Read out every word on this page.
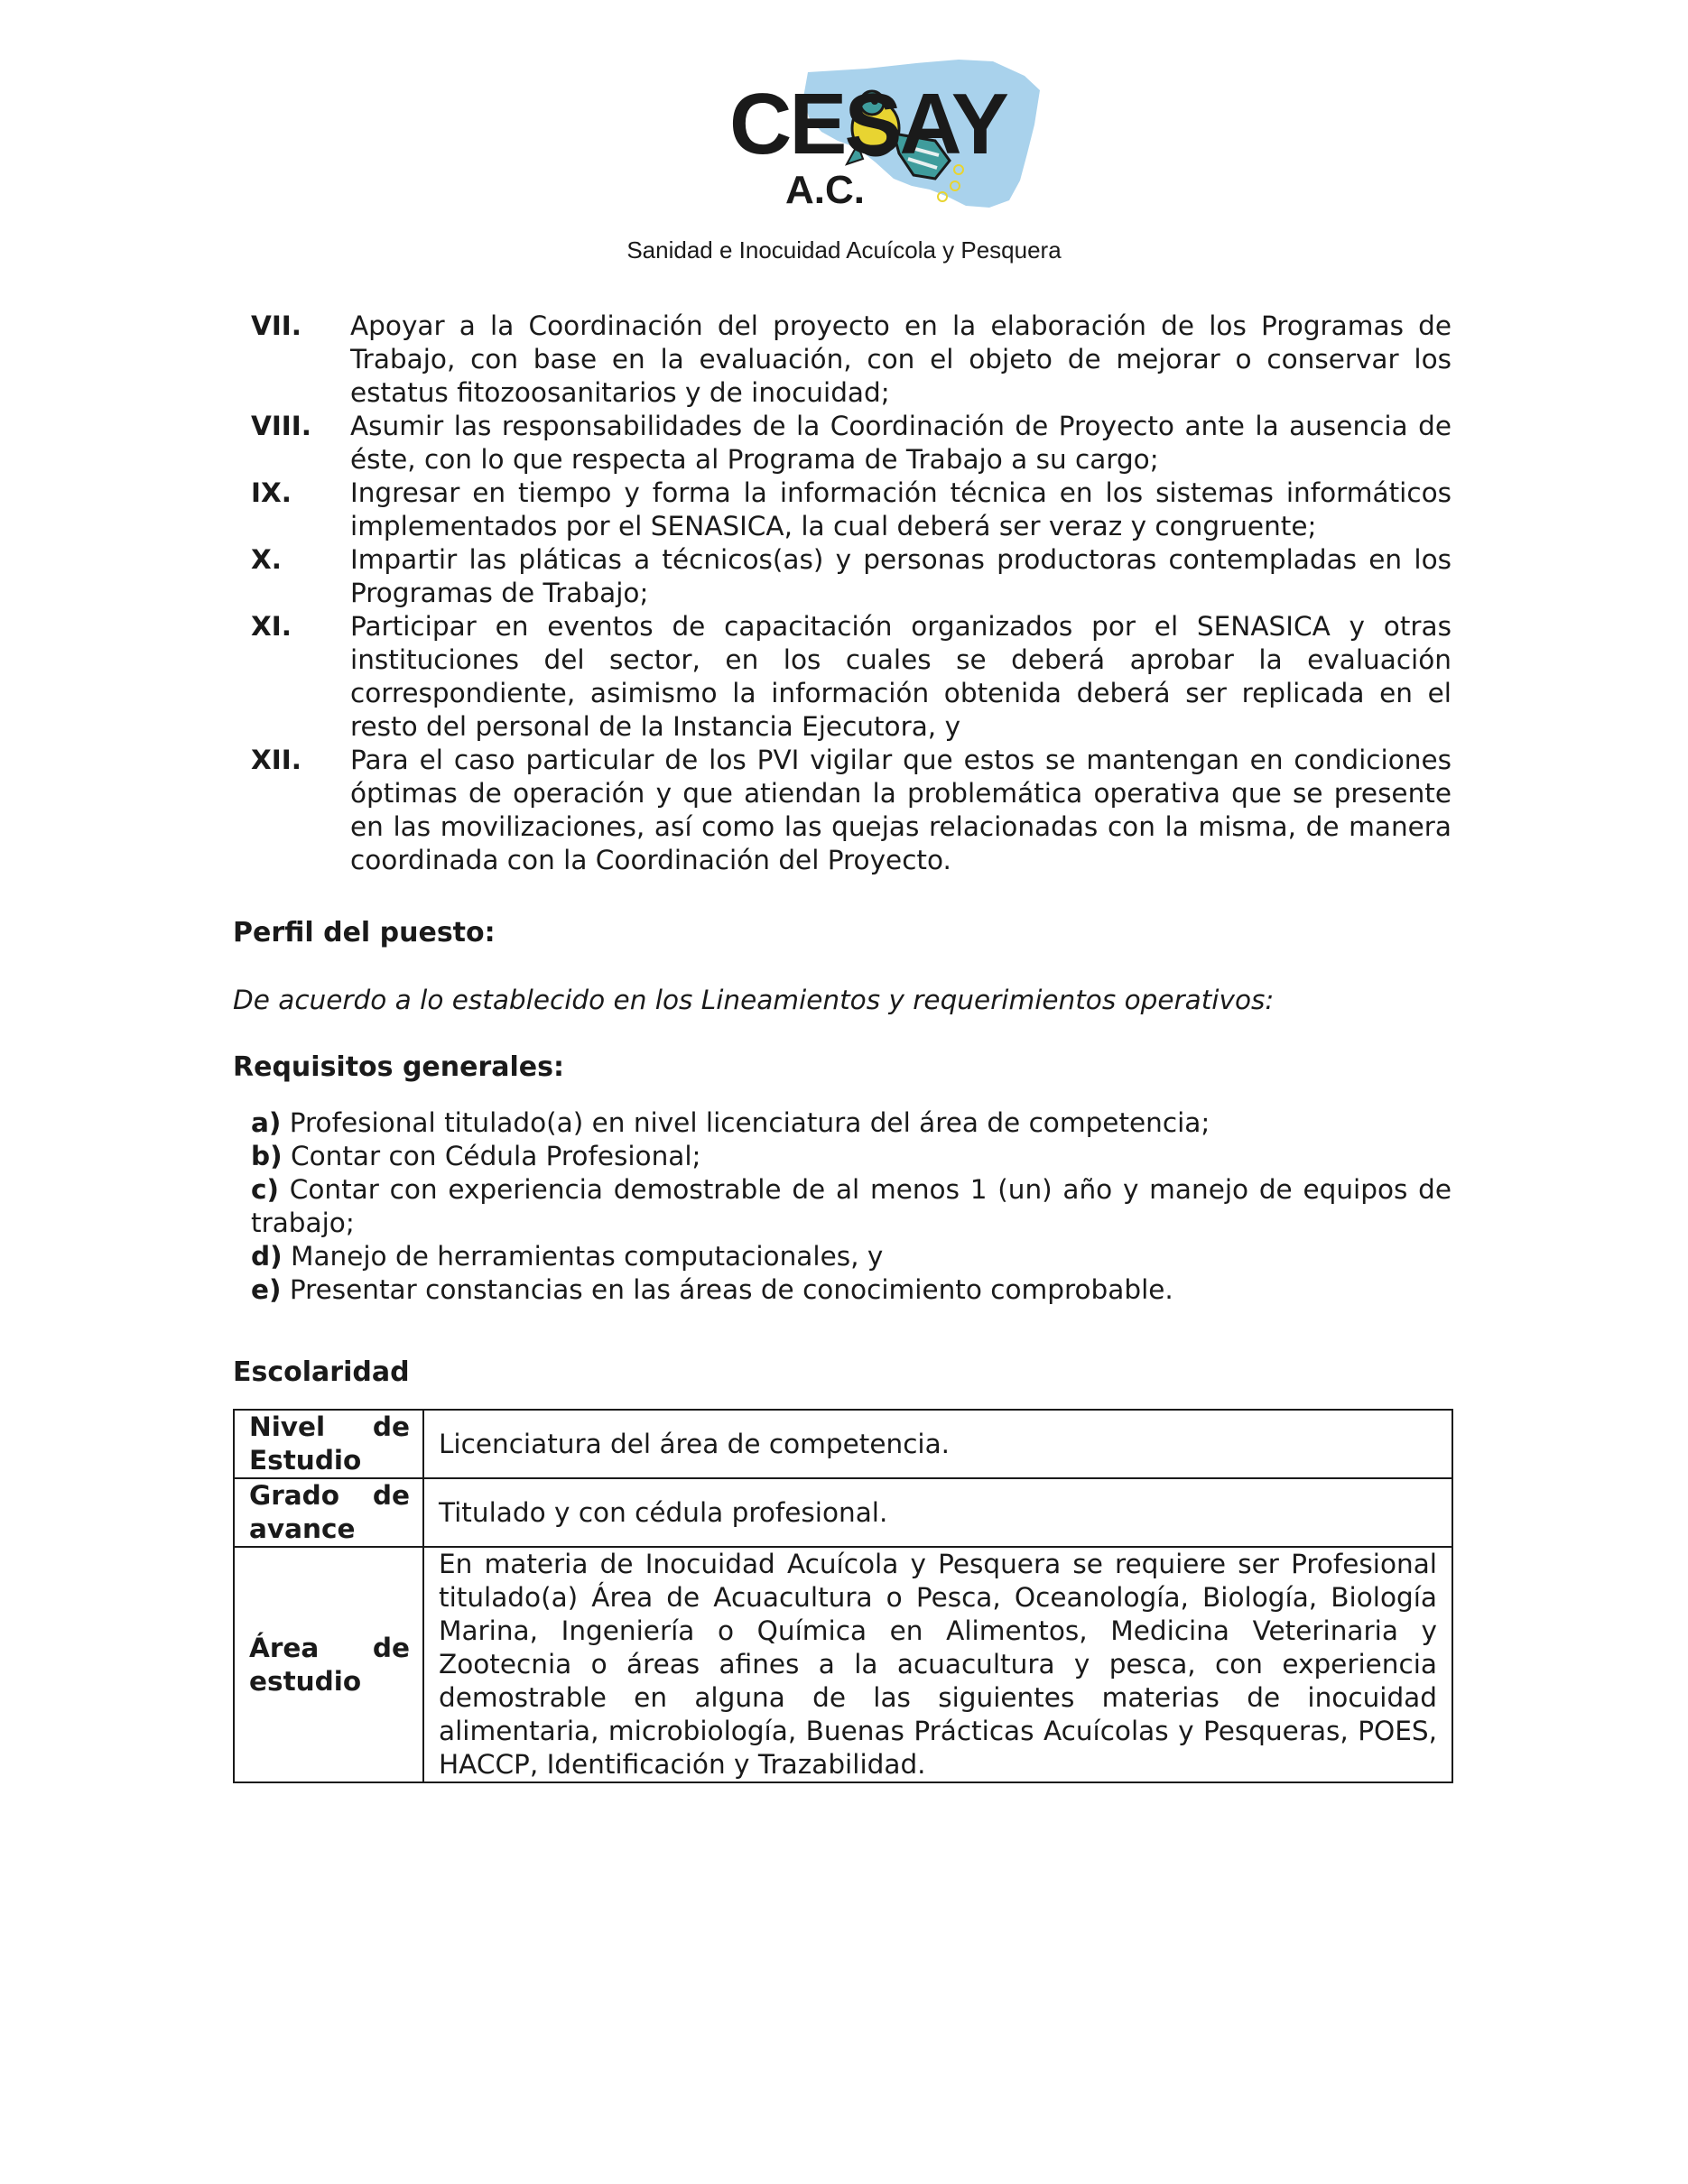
CESAY
A.C.
Sanidad e Inocuidad Acuícola y Pesquera
VII. Apoyar a la Coordinación del proyecto en la elaboración de los Programas de Trabajo, con base en la evaluación, con el objeto de mejorar o conservar los estatus fitozoosanitarios y de inocuidad;
VIII. Asumir las responsabilidades de la Coordinación de Proyecto ante la ausencia de éste, con lo que respecta al Programa de Trabajo a su cargo;
IX. Ingresar en tiempo y forma la información técnica en los sistemas informáticos implementados por el SENASICA, la cual deberá ser veraz y congruente;
X.	Impartir las pláticas a técnicos(as) y personas productoras contempladas en los Programas de Trabajo;
XI. Participar en eventos de capacitación organizados por el SENASICA y otras instituciones del sector, en los cuales se deberá aprobar la evaluación correspondiente, asimismo la información obtenida deberá ser replicada en el resto del personal de la Instancia Ejecutora, y
XII. Para el caso particular de los PVI vigilar que estos se mantengan en condiciones óptimas de operación y que atiendan la problemática operativa que se presente en las movilizaciones, así como las quejas relacionadas con la misma, de manera coordinada con la Coordinación del Proyecto.
Perfil del puesto:
De acuerdo a lo establecido en los Lineamientos y requerimientos operativos:
Requisitos generales:
a) Profesional titulado(a) en nivel licenciatura del área de competencia;
b) Contar con Cédula Profesional;
c) Contar con experiencia demostrable de al menos 1 (un) año y manejo de equipos de trabajo;
d) Manejo de herramientas computacionales, y
e) Presentar constancias en las áreas de conocimiento comprobable.
Escolaridad
Nivel de Estudio	Licenciatura del área de competencia.
Grado de avance	Titulado y con cédula profesional.
Área de estudio	En materia de Inocuidad Acuícola y Pesquera se requiere ser Profesional titulado(a) Área de Acuacultura o Pesca, Oceanología, Biología, Biología Marina, Ingeniería o Química en Alimentos, Medicina Veterinaria y Zootecnia o áreas afines a la acuacultura y pesca, con experiencia demostrable en alguna de las siguientes materias de inocuidad alimentaria, microbiología, Buenas Prácticas Acuícolas y Pesqueras, POES, HACCP, Identificación y Trazabilidad.
